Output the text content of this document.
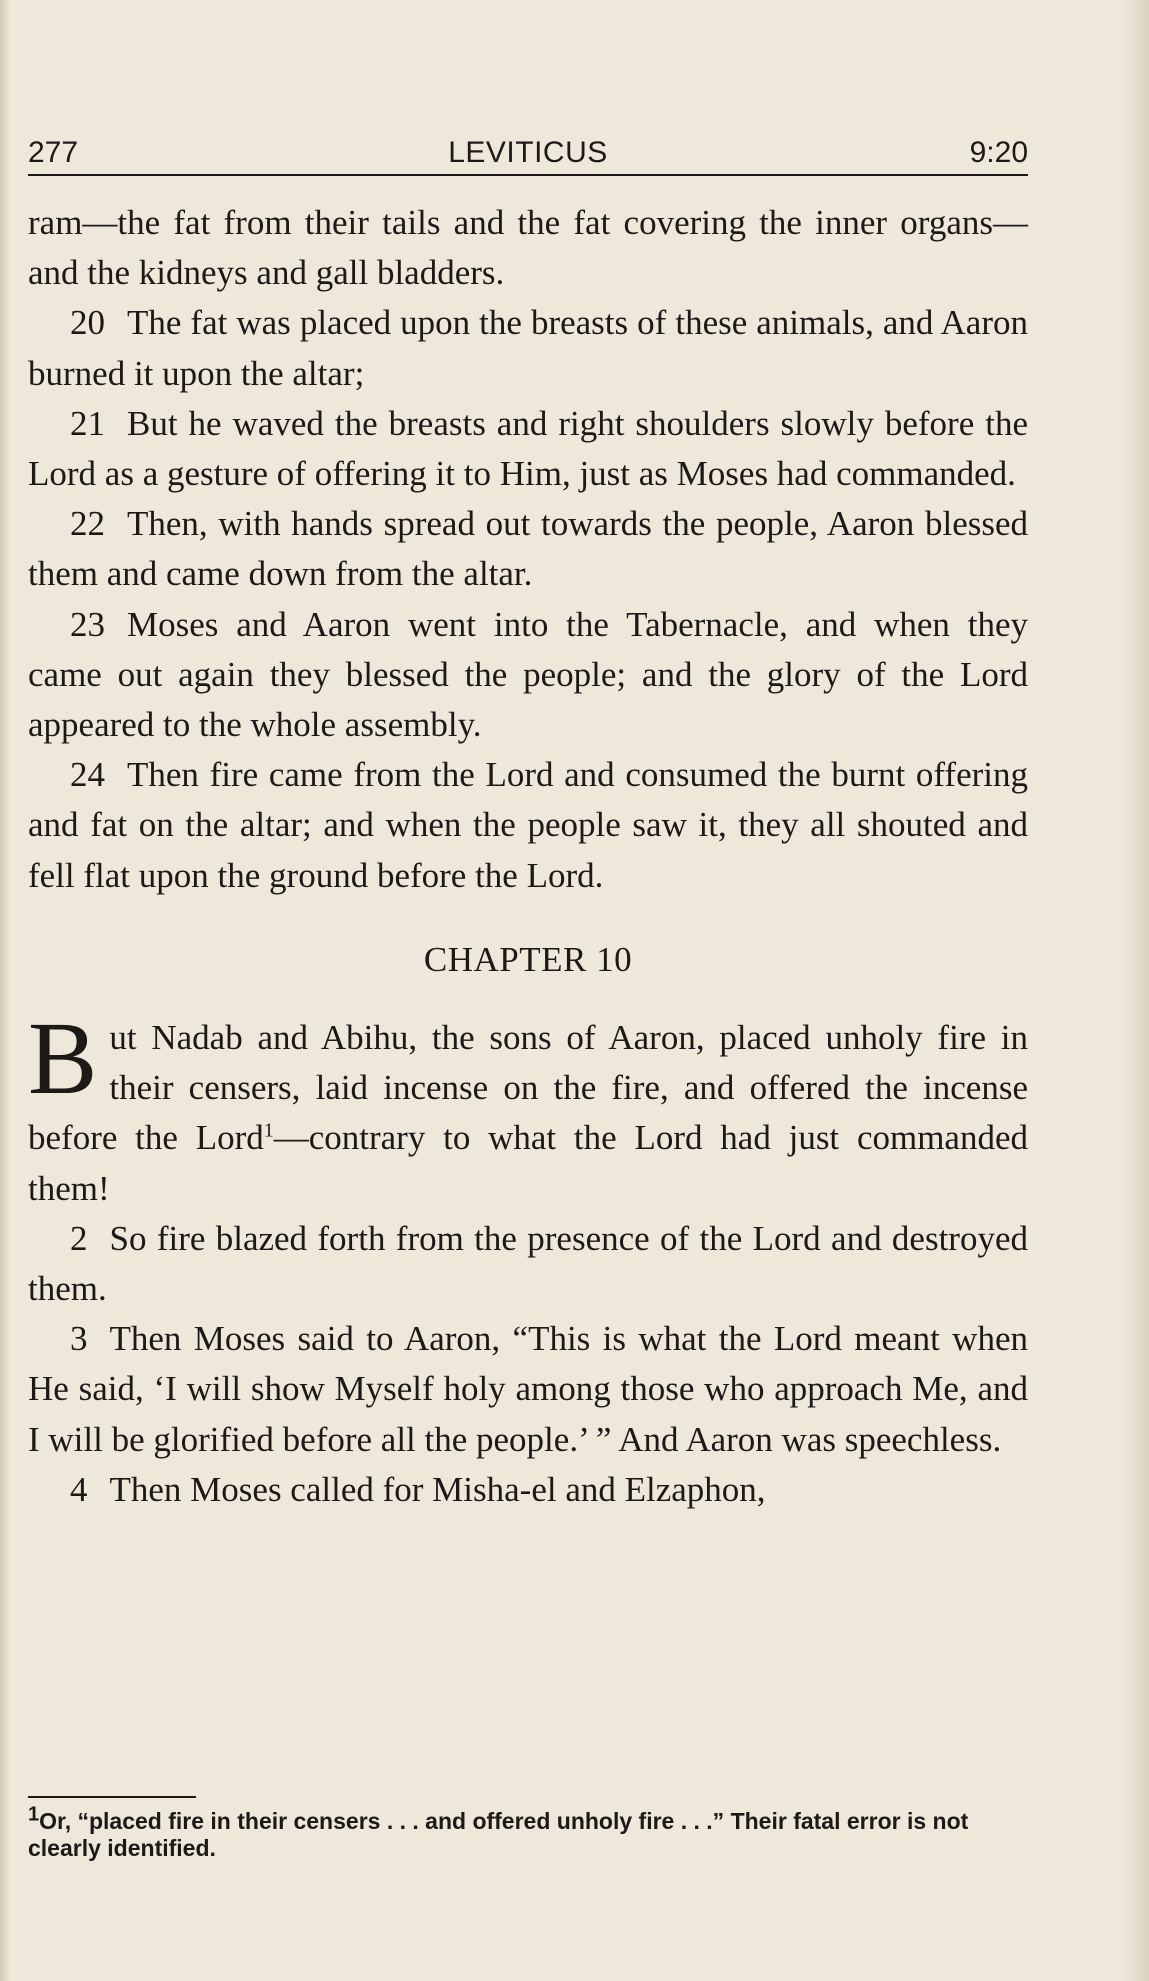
277	LEVITICUS	9:20

ram—the fat from their tails and the fat covering the inner organs—and the kidneys and gall bladders.

20 The fat was placed upon the breasts of these animals, and Aaron burned it upon the altar;

21 But he waved the breasts and right shoulders slowly before the Lord as a gesture of offering it to Him, just as Moses had commanded.

22 Then, with hands spread out towards the people, Aaron blessed them and came down from the altar.

23 Moses and Aaron went into the Tabernacle, and when they came out again they blessed the people; and the glory of the Lord appeared to the whole assembly.

24 Then fire came from the Lord and consumed the burnt offering and fat on the altar; and when the people saw it, they all shouted and fell flat upon the ground before the Lord.

CHAPTER 10

But Nadab and Abihu, the sons of Aaron, placed unholy fire in their censers, laid incense on the fire, and offered the incense before the Lord$^1$—contrary to what the Lord had just commanded them!

2 So fire blazed forth from the presence of the Lord and destroyed them.

3 Then Moses said to Aaron, “This is what the Lord meant when He said, ‘I will show Myself holy among those who approach Me, and I will be glorified before all the people.’ ” And Aaron was speechless.

4 Then Moses called for Misha-el and Elzaphon,

$^1$Or, “placed fire in their censers . . . and offered unholy fire . . .” Their fatal error is not clearly identified.
